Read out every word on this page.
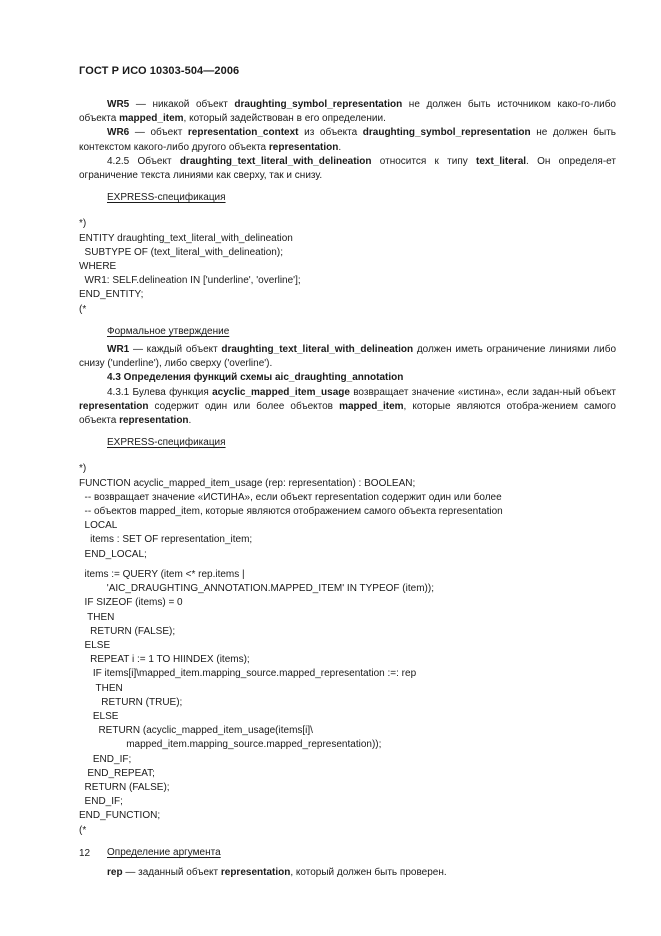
ГОСТ Р ИСО 10303-504—2006

WR5 — никакой объект draughting_symbol_representation не должен быть источником како-го-либо объекта mapped_item, который задействован в его определении.

WR6 — объект representation_context из объекта draughting_symbol_representation не должен быть контекстом какого-либо другого объекта representation.

4.2.5 Объект draughting_text_literal_with_delineation относится к типу text_literal. Он определя-ет ограничение текста линиями как сверху, так и снизу.

EXPRESS-спецификация

*)
ENTITY draughting_text_literal_with_delineation
SUBTYPE OF (text_literal_with_delineation);
WHERE
WR1: SELF.delineation IN ['underline', 'overline'];
END_ENTITY;
(*

Формальное утверждение

WR1 — каждый объект draughting_text_literal_with_delineation должен иметь ограничение линиями либо снизу ('underline'), либо сверху ('overline').

4.3 Определения функций схемы aic_draughting_annotation

4.3.1 Булева функция acyclic_mapped_item_usage возвращает значение «истина», если задан-ный объект representation содержит один или более объектов mapped_item, которые являются отобра-жением самого объекта representation.

EXPRESS-спецификация

*)
FUNCTION acyclic_mapped_item_usage (rep: representation) : BOOLEAN;
-- возвращает значение «ИСТИНА», если объект representation содержит один или более
-- объектов mapped_item, которые являются отображением самого объекта representation
LOCAL
items : SET OF representation_item;
END_LOCAL;
items := QUERY (item <* rep.items |
'AIC_DRAUGHTING_ANNOTATION.MAPPED_ITEM' IN TYPEOF (item));
IF SIZEOF (items) = 0
THEN
RETURN (FALSE);
ELSE
REPEAT i := 1 TO HIINDEX (items);
IF items[i]\mapped_item.mapping_source.mapped_representation :=: rep
THEN
RETURN (TRUE);
ELSE
RETURN (acyclic_mapped_item_usage(items[i]\
mapped_item.mapping_source.mapped_representation));
END_IF;
END_REPEAT;
RETURN (FALSE);
END_IF;
END_FUNCTION;
(*

Определение аргумента

rep — заданный объект representation, который должен быть проверен.

12
